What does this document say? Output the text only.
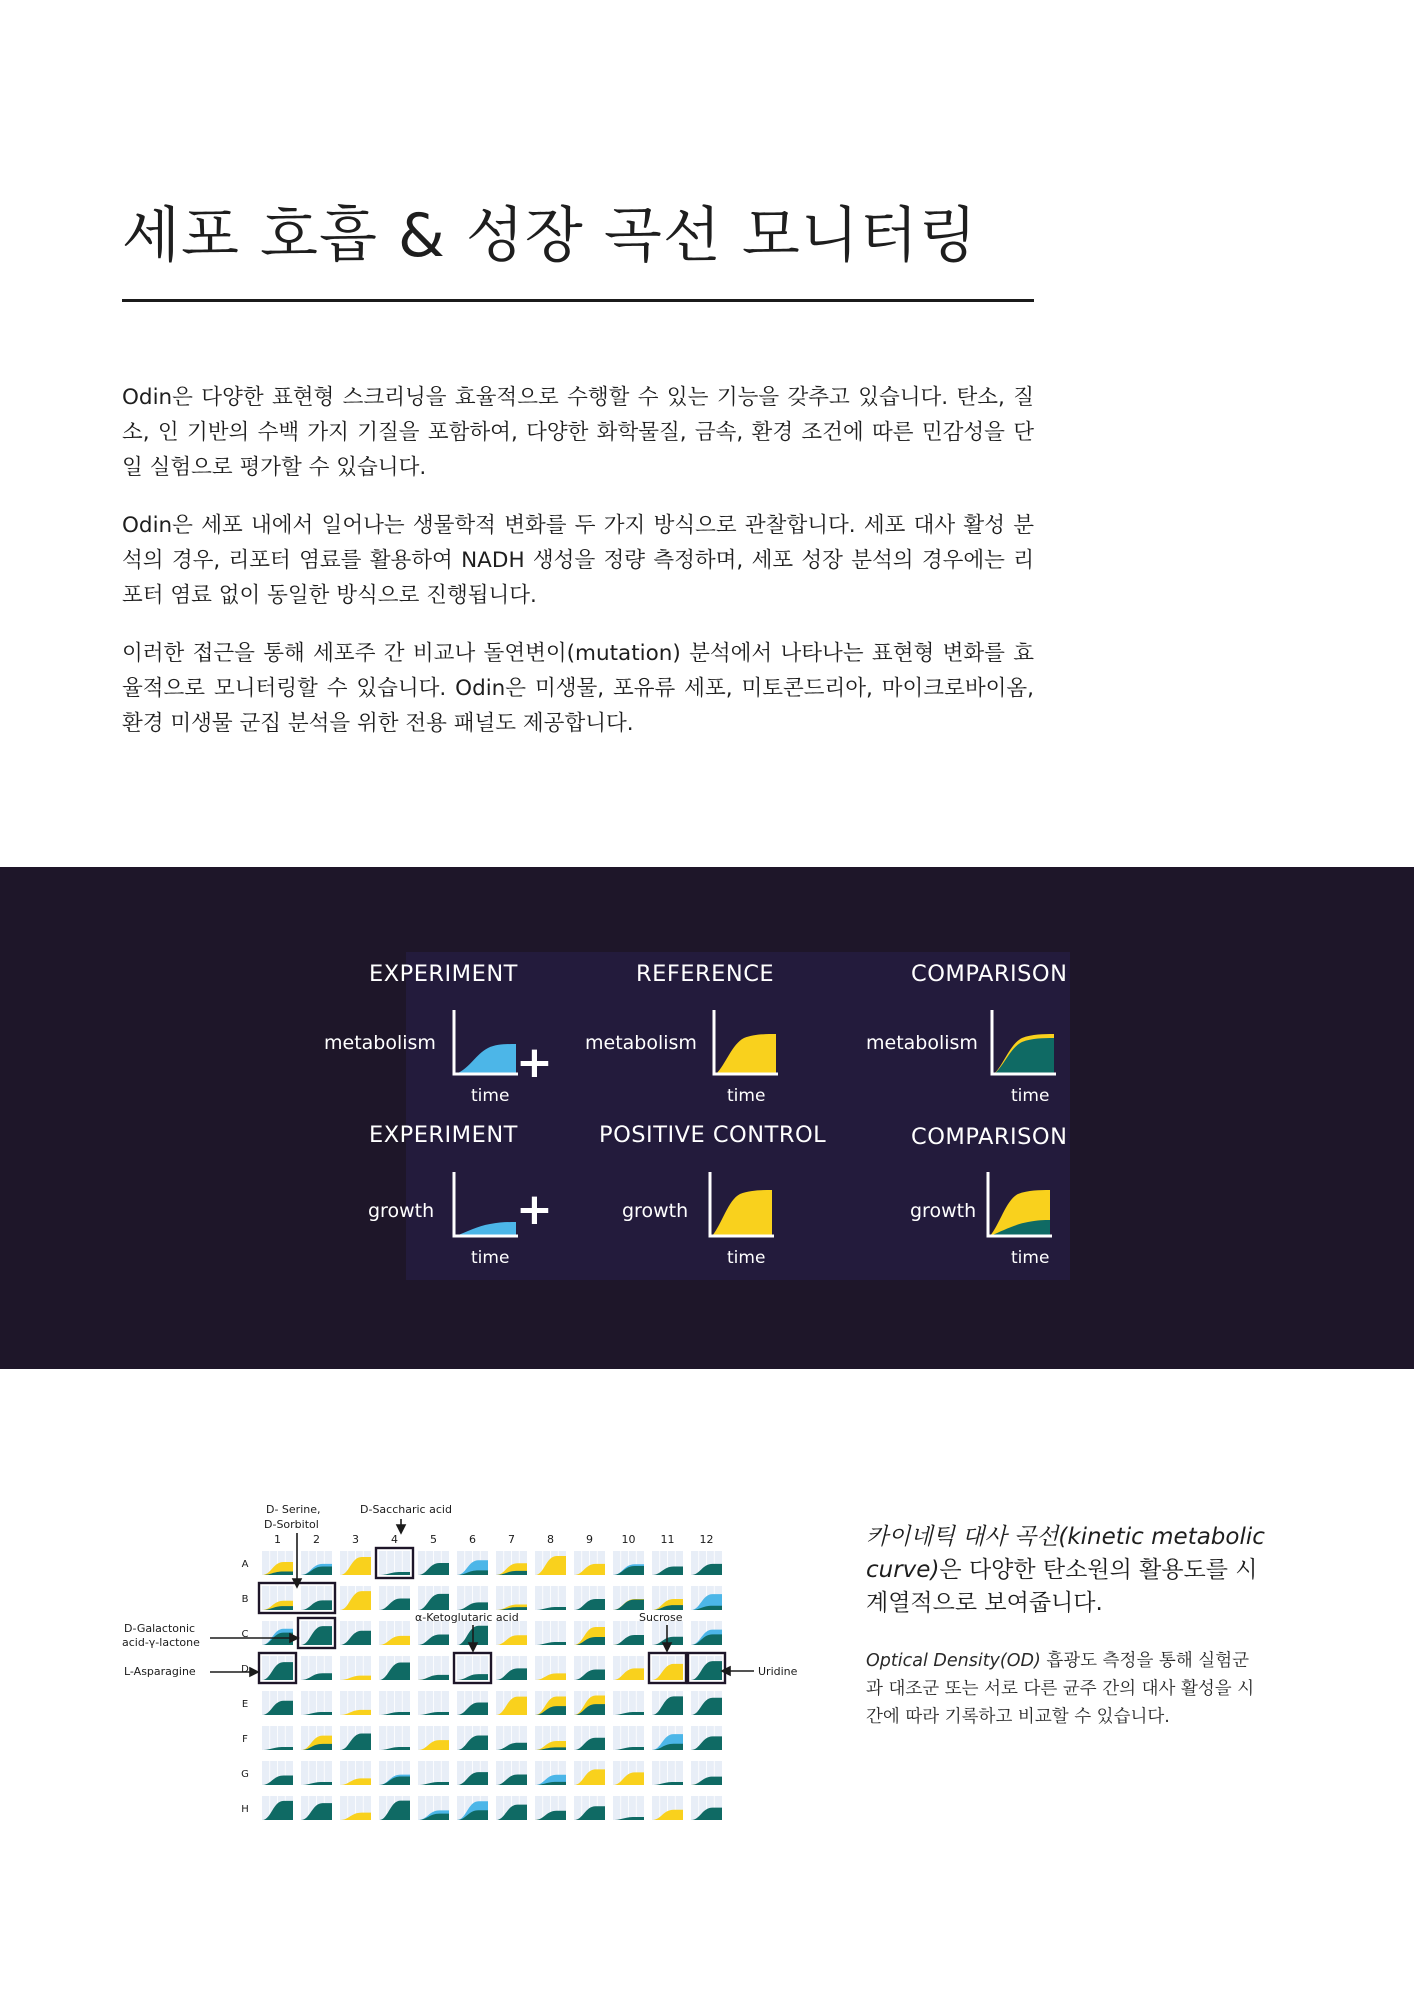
세포 호흡 & 성장 곡선 모니터링

Odin은 다양한 표현형 스크리닝을 효율적으로 수행할 수 있는 기능을 갖추고 있습니다. 탄소, 질소, 인 기반의 수백 가지 기질을 포함하여, 다양한 화학물질, 금속, 환경 조건에 따른 민감성을 단일 실험으로 평가할 수 있습니다.

Odin은 세포 내에서 일어나는 생물학적 변화를 두 가지 방식으로 관찰합니다. 세포 대사 활성 분석의 경우, 리포터 염료를 활용하여 NADH 생성을 정량 측정하며, 세포 성장 분석의 경우에는 리포터 염료 없이 동일한 방식으로 진행됩니다.

이러한 접근을 통해 세포주 간 비교나 돌연변이(mutation) 분석에서 나타나는 표현형 변화를 효율적으로 모니터링할 수 있습니다. Odin은 미생물, 포유류 세포, 미토콘드리아, 마이크로바이옴, 환경 미생물 군집 분석을 위한 전용 패널도 제공합니다.

EXPERIMENT	REFERENCE	COMPARISON
metabolism	metabolism	metabolism
+
time	time	time
EXPERIMENT	POSITIVE CONTROL	COMPARISON
growth	growth	growth
+
time	time	time
1	2	3	4	5	6	7	8	9	10 11 12
A
B
C
D
E
F
G
H
D- Serine,
D-Sorbitol
D-Saccharic acid
D-Galactonic
acid-γ-lactone
L-Asparagine
α-Ketoglutaric acid	Sucrose
Uridine

카이네틱 대사 곡선(kinetic metabolic curve)은 다양한 탄소원의 활용도를 시계열적으로 보여줍니다.

Optical Density(OD) 흡광도 측정을 통해 실험군과 대조군 또는 서로 다른 균주 간의 대사 활성을 시간에 따라 기록하고 비교할 수 있습니다.
